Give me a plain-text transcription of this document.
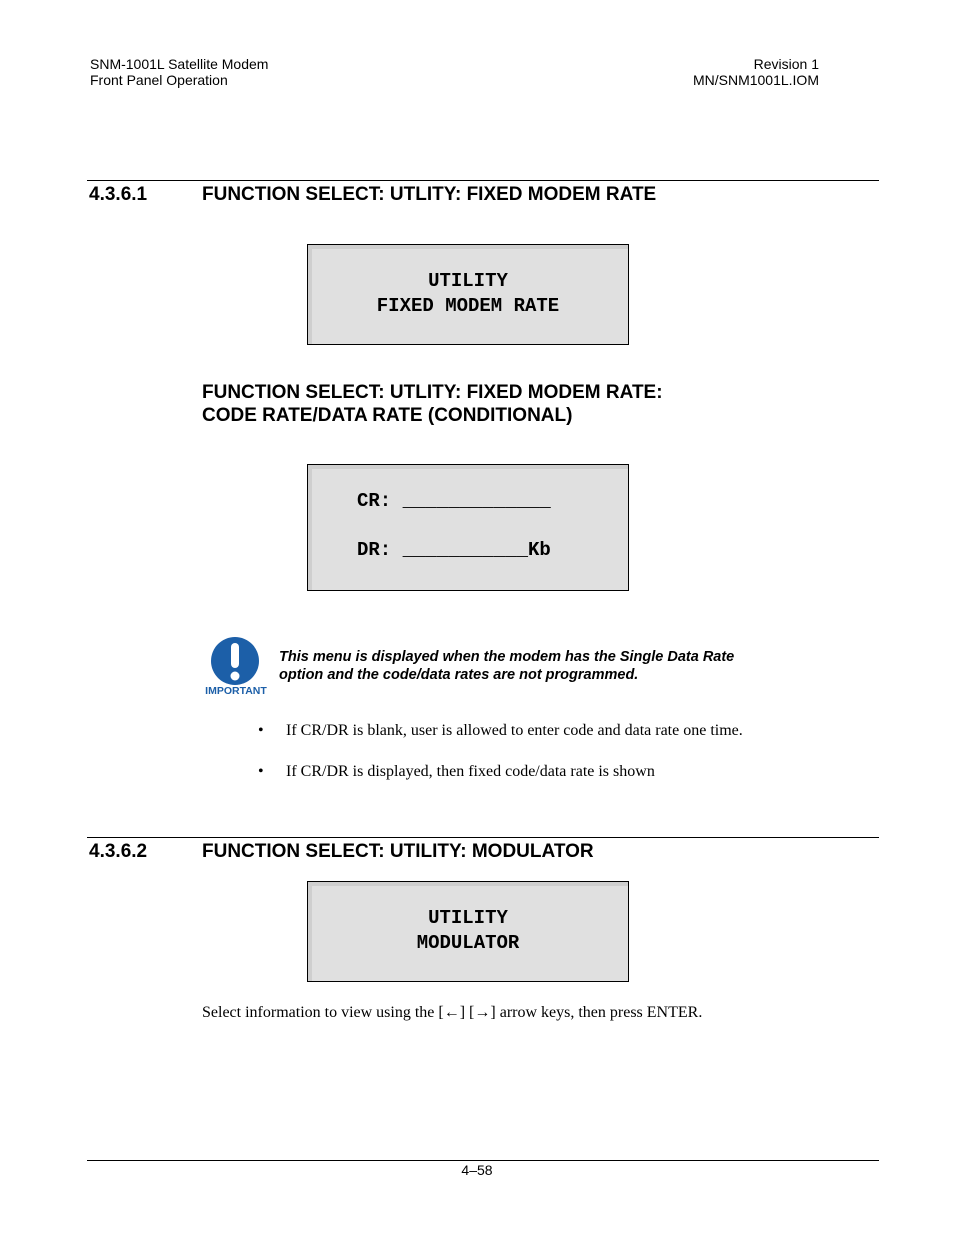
SNM-1001L Satellite Modem
Front Panel Operation
Revision 1
MN/SNM1001L.IOM
4.3.6.1	FUNCTION SELECT: UTLITY: FIXED MODEM RATE
UTILITY
FIXED MODEM RATE
FUNCTION SELECT: UTLITY: FIXED MODEM RATE:
CODE RATE/DATA RATE (CONDITIONAL)
CR: _____________
DR: ___________Kb
IMPORTANT
This menu is displayed when the modem has the Single Data Rate
option and the code/data rates are not programmed.
• If CR/DR is blank, user is allowed to enter code and data rate one time.
• If CR/DR is displayed, then fixed code/data rate is shown
4.3.6.2	FUNCTION SELECT: UTILITY: MODULATOR
UTILITY
MODULATOR
Select information to view using the [←] [→] arrow keys, then press ENTER.
4–58
